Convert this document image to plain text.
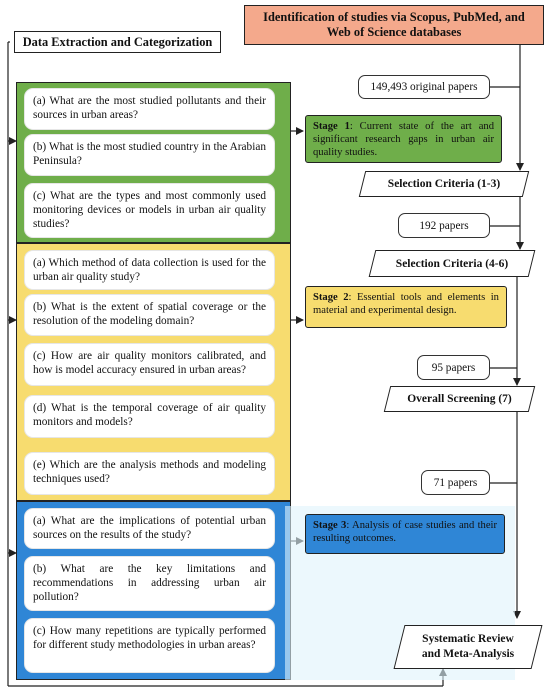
Identification of studies via Scopus, PubMed, and Web of Science databases
Data Extraction and Categorization
(a) What are the most studied pollutants and their sources in urban areas?
(b) What is the most studied country in the Arabian Peninsula?
(c) What are the types and most commonly used monitoring devices or models in urban air quality studies?
(a) Which method of data collection is used for the urban air quality study?
(b) What is the extent of spatial coverage or the resolution of the modeling domain?
(c) How are air quality monitors calibrated, and how is model accuracy ensured in urban areas?
(d) What is the temporal coverage of air quality monitors and models?
(e) Which are the analysis methods and modeling techniques used?
(a) What are the implications of potential urban sources on the results of the study?
(b) What are the key limitations and recommendations in addressing urban air pollution?
(c) How many repetitions are typically performed for different study methodologies in urban areas?
Stage 1: Current state of the art and significant research gaps in urban air quality studies.
Stage 2: Essential tools and elements in material and experimental design.
Stage 3: Analysis of case studies and their resulting outcomes.
149,493 original papers
192 papers
95 papers
71 papers
Selection Criteria (1-3)
Selection Criteria (4-6)
Overall Screening (7)
Systematic Review and Meta-Analysis
